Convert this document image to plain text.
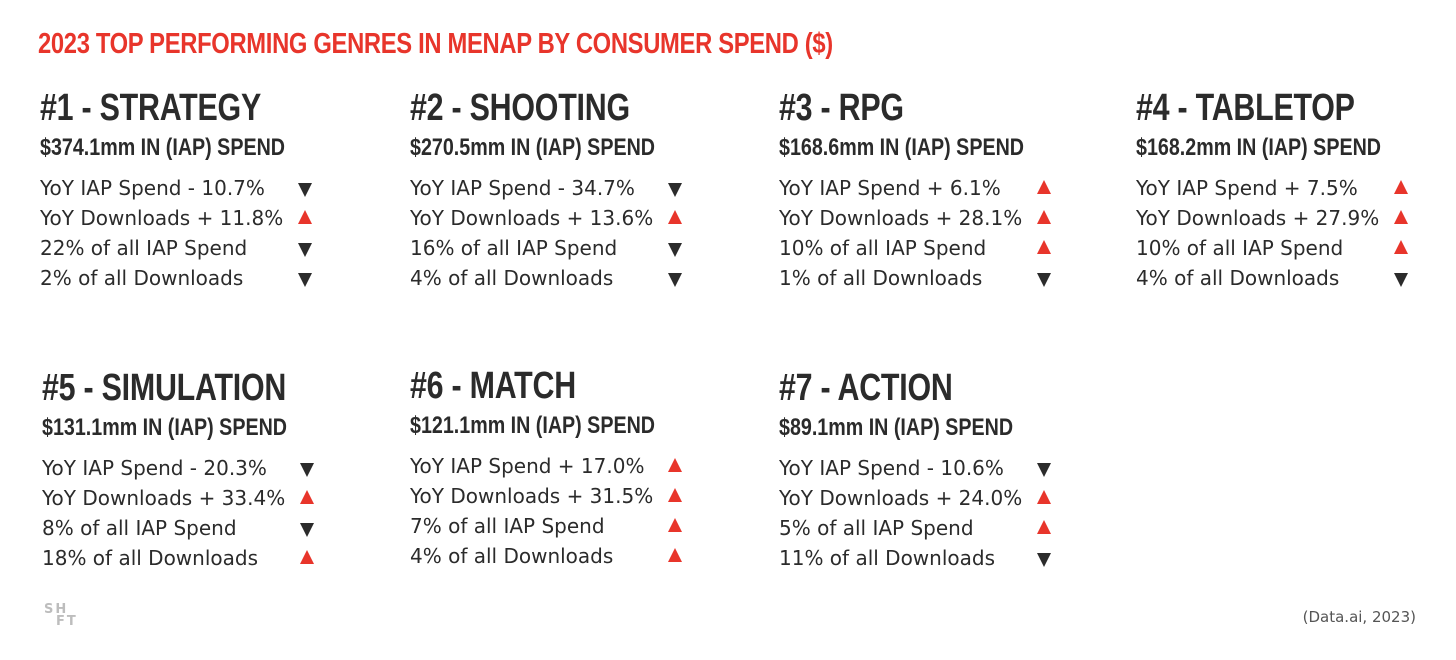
2023 TOP PERFORMING GENRES IN MENAP BY CONSUMER SPEND ($)
#1 - STRATEGY
$374.1mm IN (IAP) SPEND
YoY IAP Spend - 10.7%
YoY Downloads + 11.8%
22% of all IAP Spend
2% of all Downloads
#2 - SHOOTING
$270.5mm IN (IAP) SPEND
YoY IAP Spend - 34.7%
YoY Downloads + 13.6%
16% of all IAP Spend
4% of all Downloads
#3 - RPG
$168.6mm IN (IAP) SPEND
YoY IAP Spend + 6.1%
YoY Downloads + 28.1%
10% of all IAP Spend
1% of all Downloads
#4 - TABLETOP
$168.2mm IN (IAP) SPEND
YoY IAP Spend + 7.5%
YoY Downloads + 27.9%
10% of all IAP Spend
4% of all Downloads
#5 - SIMULATION
$131.1mm IN (IAP) SPEND
YoY IAP Spend - 20.3%
YoY Downloads + 33.4%
8% of all IAP Spend
18% of all Downloads
#6 - MATCH
$121.1mm IN (IAP) SPEND
YoY IAP Spend + 17.0%
YoY Downloads + 31.5%
7% of all IAP Spend
4% of all Downloads
#7 - ACTION
$89.1mm IN (IAP) SPEND
YoY IAP Spend - 10.6%
YoY Downloads + 24.0%
5% of all IAP Spend
11% of all Downloads
SH
FT	(Data.ai, 2023)
